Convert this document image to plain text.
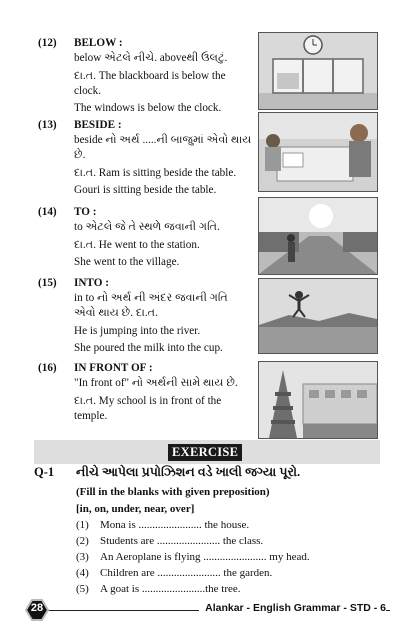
(12)	BELOW :
below એટલે નીચે. aboveથી ઉલટું.
દા.ત. The blackboard is below the clock.
The windows is below the clock.
(13)	BESIDE :
beside નો અર્થ .....ની બાજુમાં એવો થાય છે.
દા.ત. Ram is sitting beside the table.
Gouri is sitting beside the table.
(14)	TO :
to એટલે જે તે સ્થળે જવાની ગતિ.
દા.ત. He went to the station.
She went to the village.
(15)	INTO :
in to નો અર્થ ની અંદર જવાની ગતિ એવો થાય છે. દા.ત.
He is jumping into the river.
She poured the milk into the cup.
(16)	IN FRONT OF :
"In front of" નો અર્થની સામે થાય છે.
દા.ત. My school is in front of the temple.
EXERCISE
Q-1 નીચે આપેલા પ્રપોઝિશન વડે ખાલી જગ્યા પૂરો.
(Fill in the blanks with given preposition)
[in, on, under, near, over]
(1) Mona is ....................... the house.
(2) Students are ....................... the class.
(3) An Aeroplane is flying ....................... my head.
(4) Children are ....................... the garden.
(5) A goat is .......................the tree.
28	Alankar - English Grammar - STD - 6
